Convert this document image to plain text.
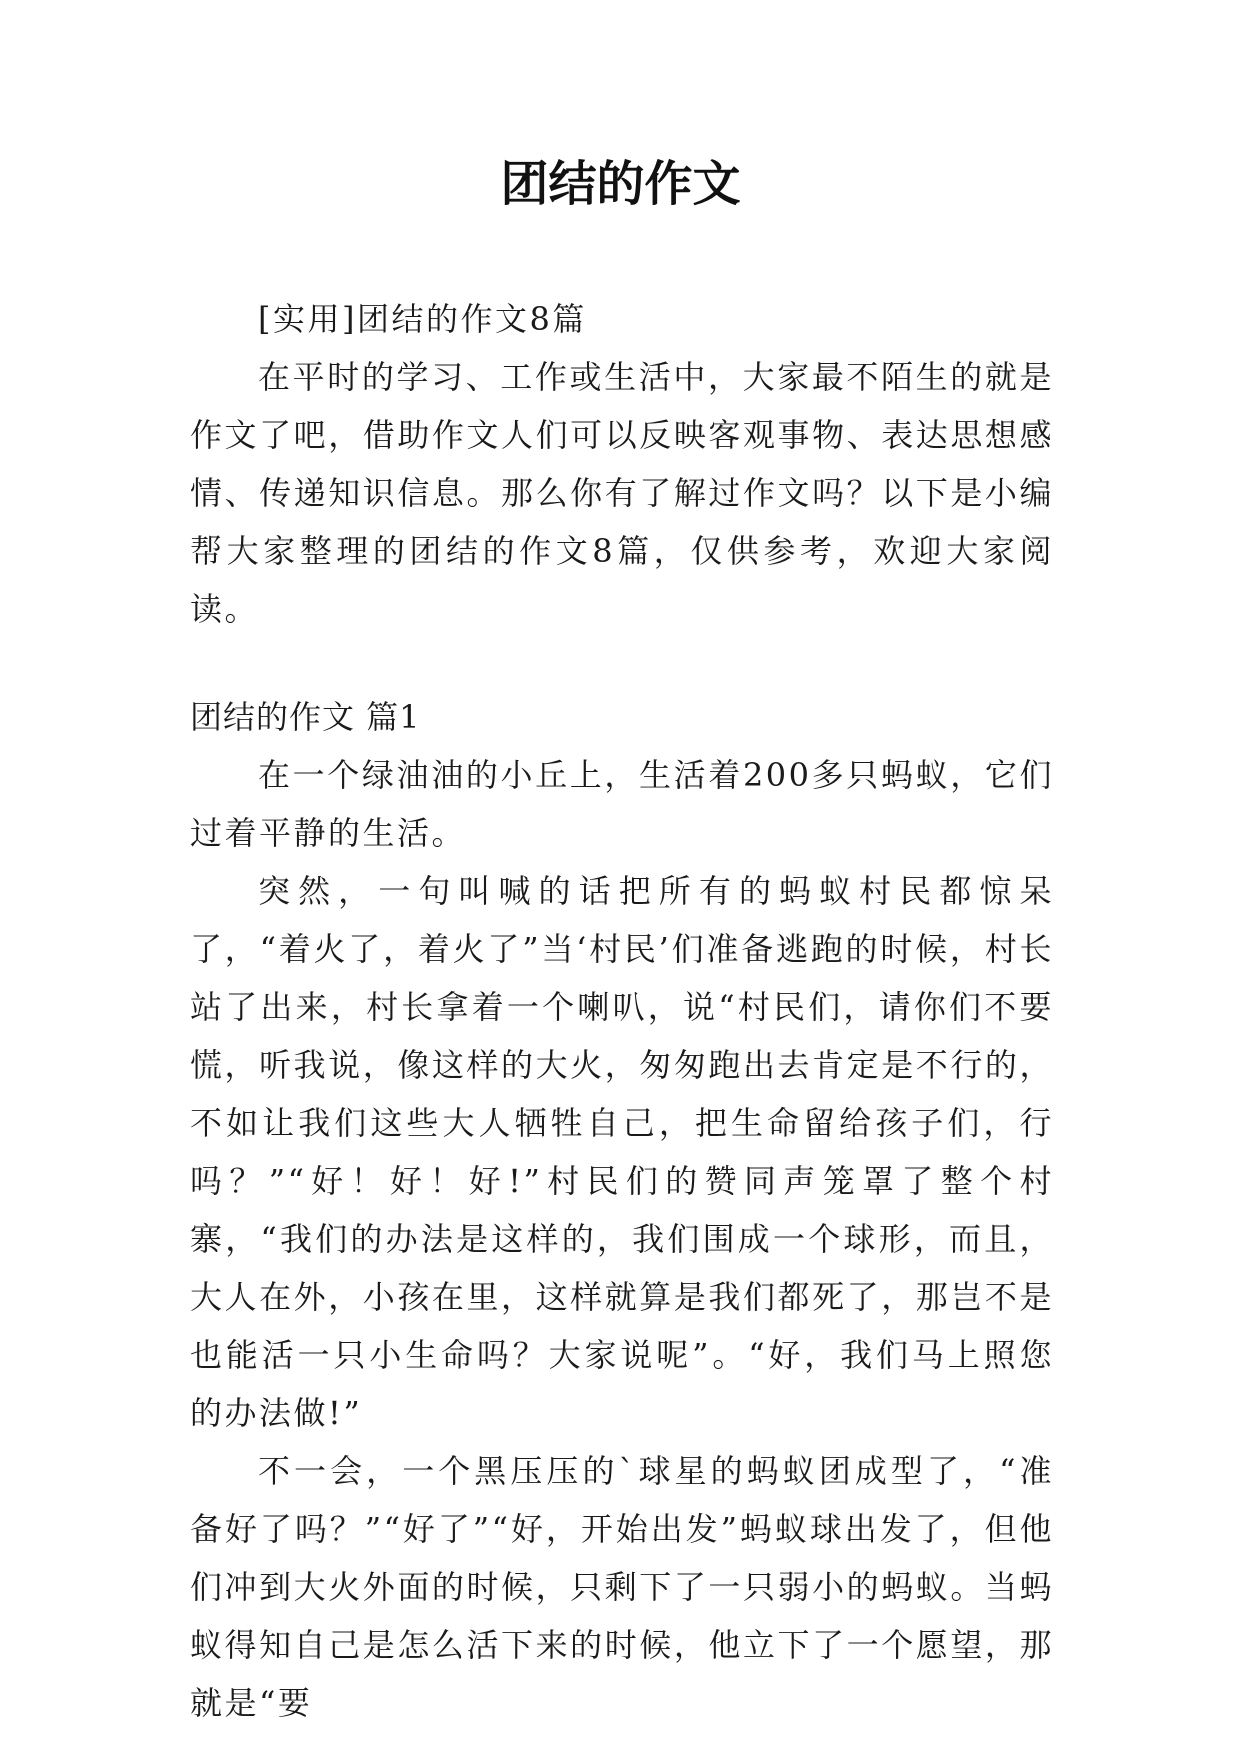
团结的作文

[实用]团结的作文8篇

在平时的学习、工作或生活中，大家最不陌生的就是作文了吧，借助作文人们可以反映客观事物、表达思想感情、传递知识信息。那么你有了解过作文吗？以下是小编帮大家整理的团结的作文8篇，仅供参考，欢迎大家阅读。

团结的作文 篇1

在一个绿油油的小丘上，生活着200多只蚂蚁，它们过着平静的生活。

突然，一句叫喊的话把所有的蚂蚁村民都惊呆了，“着火了，着火了”当‘村民’们准备逃跑的时候，村长站了出来，村长拿着一个喇叭，说“村民们，请你们不要慌，听我说，像这样的大火，匆匆跑出去肯定是不行的，不如让我们这些大人牺牲自己，把生命留给孩子们，行吗？”“好！好！好!”村民们的赞同声笼罩了整个村寨，“我们的办法是这样的，我们围成一个球形，而且，大人在外，小孩在里，这样就算是我们都死了，那岂不是也能活一只小生命吗？大家说呢”。“好，我们马上照您的办法做!”

不一会，一个黑压压的`球星的蚂蚁团成型了，“准备好了吗？”“好了”“好，开始出发”蚂蚁球出发了，但他们冲到大火外面的时候，只剩下了一只弱小的蚂蚁。当蚂蚁得知自己是怎么活下来的时候，他立下了一个愿望，那就是“要
